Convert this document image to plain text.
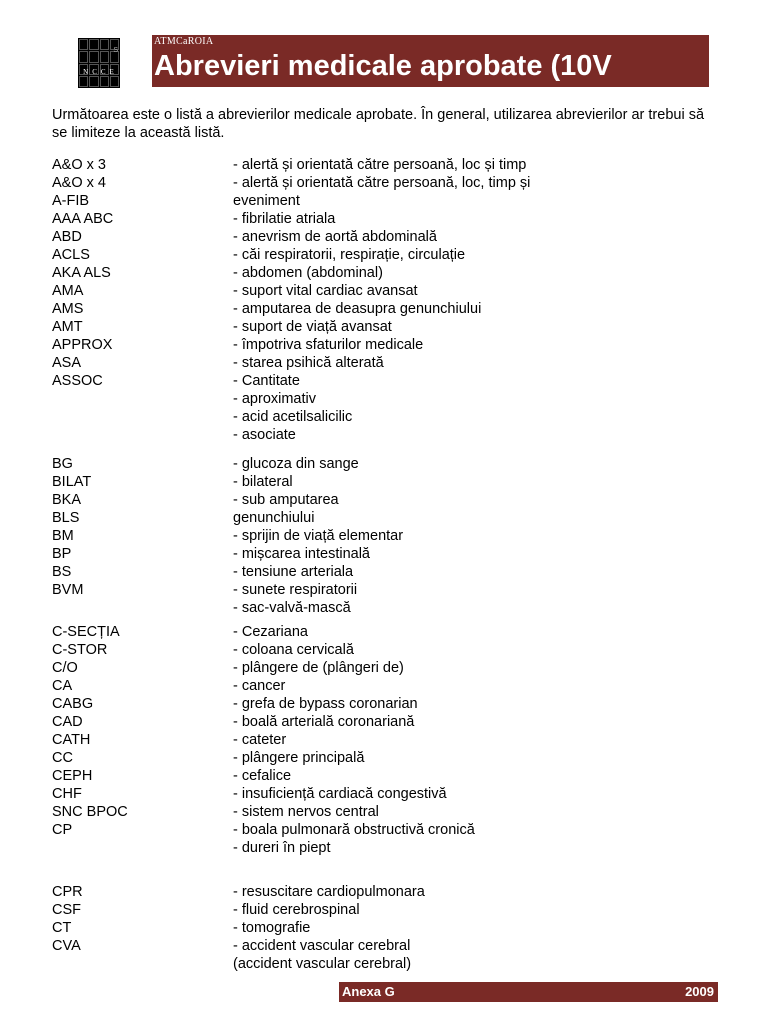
NCCE
S
ATMCaROIA
Abrevieri medicale aprobate (10V
Următoarea este o listă a abrevierilor medicale aprobate. În general, utilizarea abrevierilor ar trebui să se limiteze la această listă.
A&O x 3
A&O x 4
A-FIB
AAA ABC
ABD
ACLS
AKA ALS
AMA
AMS
AMT
APPROX
ASA
ASSOC
- alertă și orientată către persoană, loc și timp
- alertă și orientată către persoană, loc, timp și
eveniment
- fibrilatie atriala
- anevrism de aortă abdominală
- căi respiratorii, respirație, circulație
- abdomen (abdominal)
- suport vital cardiac avansat
- amputarea de deasupra genunchiului
- suport de viață avansat
- împotriva sfaturilor medicale
- starea psihică alterată
- Cantitate
- aproximativ
- acid acetilsalicilic
- asociate
BG
BILAT
BKA
BLS
BM
BP
BS
BVM
- glucoza din sange
- bilateral
- sub amputarea
genunchiului
- sprijin de viață elementar
- mișcarea intestinală
- tensiune arteriala
- sunete respiratorii
- sac-valvă-mască
C-SECȚIA
C-STOR
C/O
CA
CABG
CAD
CATH
CC
CEPH
CHF
SNC BPOC
CP
- Cezariana
- coloana cervicală
- plângere de (plângeri de)
- cancer
- grefa de bypass coronarian
- boală arterială coronariană
- cateter
- plângere principală
- cefalice
- insuficiență cardiacă congestivă
- sistem nervos central
- boala pulmonară obstructivă cronică
- dureri în piept
CPR
CSF
CT
CVA
- resuscitare cardiopulmonara
- fluid cerebrospinal
- tomografie
- accident vascular cerebral
(accident vascular cerebral)
Anexa G	2009
